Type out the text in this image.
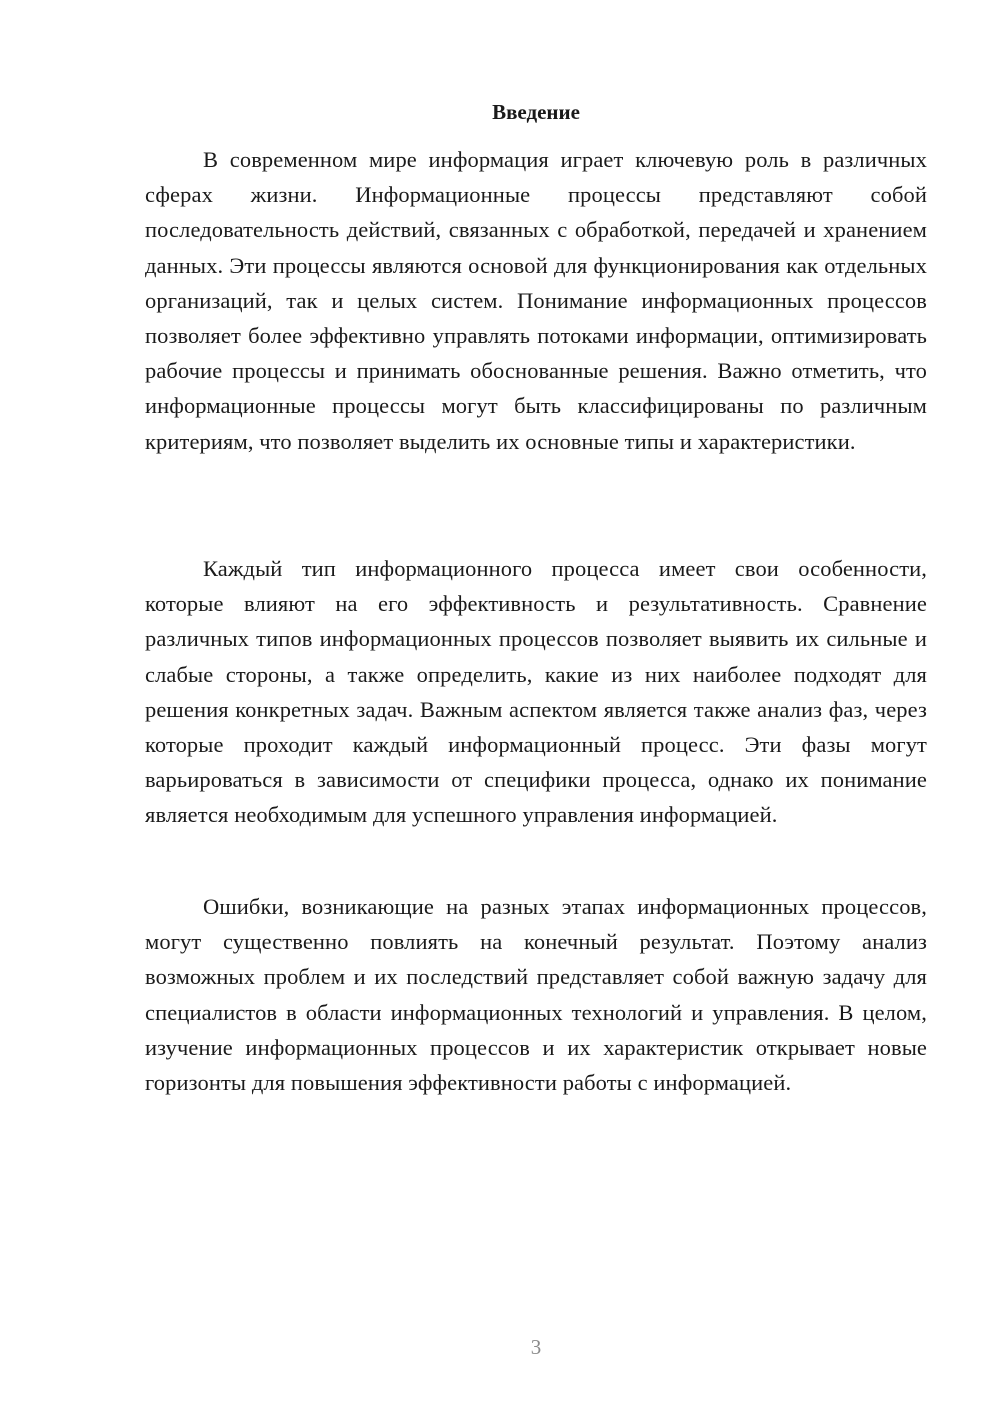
Введение

В современном мире информация играет ключевую роль в различных сферах жизни. Информационные процессы представляют собой последовательность действий, связанных с обработкой, передачей и хранением данных. Эти процессы являются основой для функционирования как отдельных организаций, так и целых систем. Понимание информационных процессов позволяет более эффективно управлять потоками информации, оптимизировать рабочие процессы и принимать обоснованные решения. Важно отметить, что информационные процессы могут быть классифицированы по различным критериям, что позволяет выделить их основные типы и характеристики.

Каждый тип информационного процесса имеет свои особенности, которые влияют на его эффективность и результативность. Сравнение различных типов информационных процессов позволяет выявить их сильные и слабые стороны, а также определить, какие из них наиболее подходят для решения конкретных задач. Важным аспектом является также анализ фаз, через которые проходит каждый информационный процесс. Эти фазы могут варьироваться в зависимости от специфики процесса, однако их понимание является необходимым для успешного управления информацией.

Ошибки, возникающие на разных этапах информационных процессов, могут существенно повлиять на конечный результат. Поэтому анализ возможных проблем и их последствий представляет собой важную задачу для специалистов в области информационных технологий и управления. В целом, изучение информационных процессов и их характеристик открывает новые горизонты для повышения эффективности работы с информацией.

3
